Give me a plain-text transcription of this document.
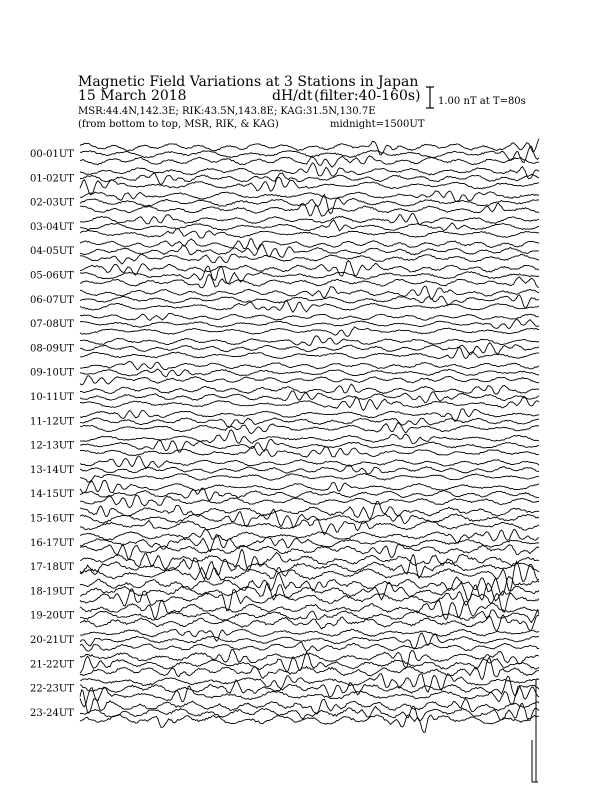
Magnetic Field Variations at 3 Stations in Japan
15 March 2018	dH/dt (filter:40-160s)
MSR:44.4N,142.3E; RIK:43.5N,143.8E; KAG:31.5N,130.7E
(from bottom to top, MSR, RIK, & KAG)	midnight=1500UT
1.00 nT at T=80s
00-01UT
01-02UT
02-03UT
03-04UT
04-05UT
05-06UT
06-07UT
07-08UT
08-09UT
09-10UT
10-11UT
11-12UT
12-13UT
13-14UT
14-15UT
15-16UT
16-17UT
17-18UT
18-19UT
19-20UT
20-21UT
21-22UT
22-23UT
23-24UT
